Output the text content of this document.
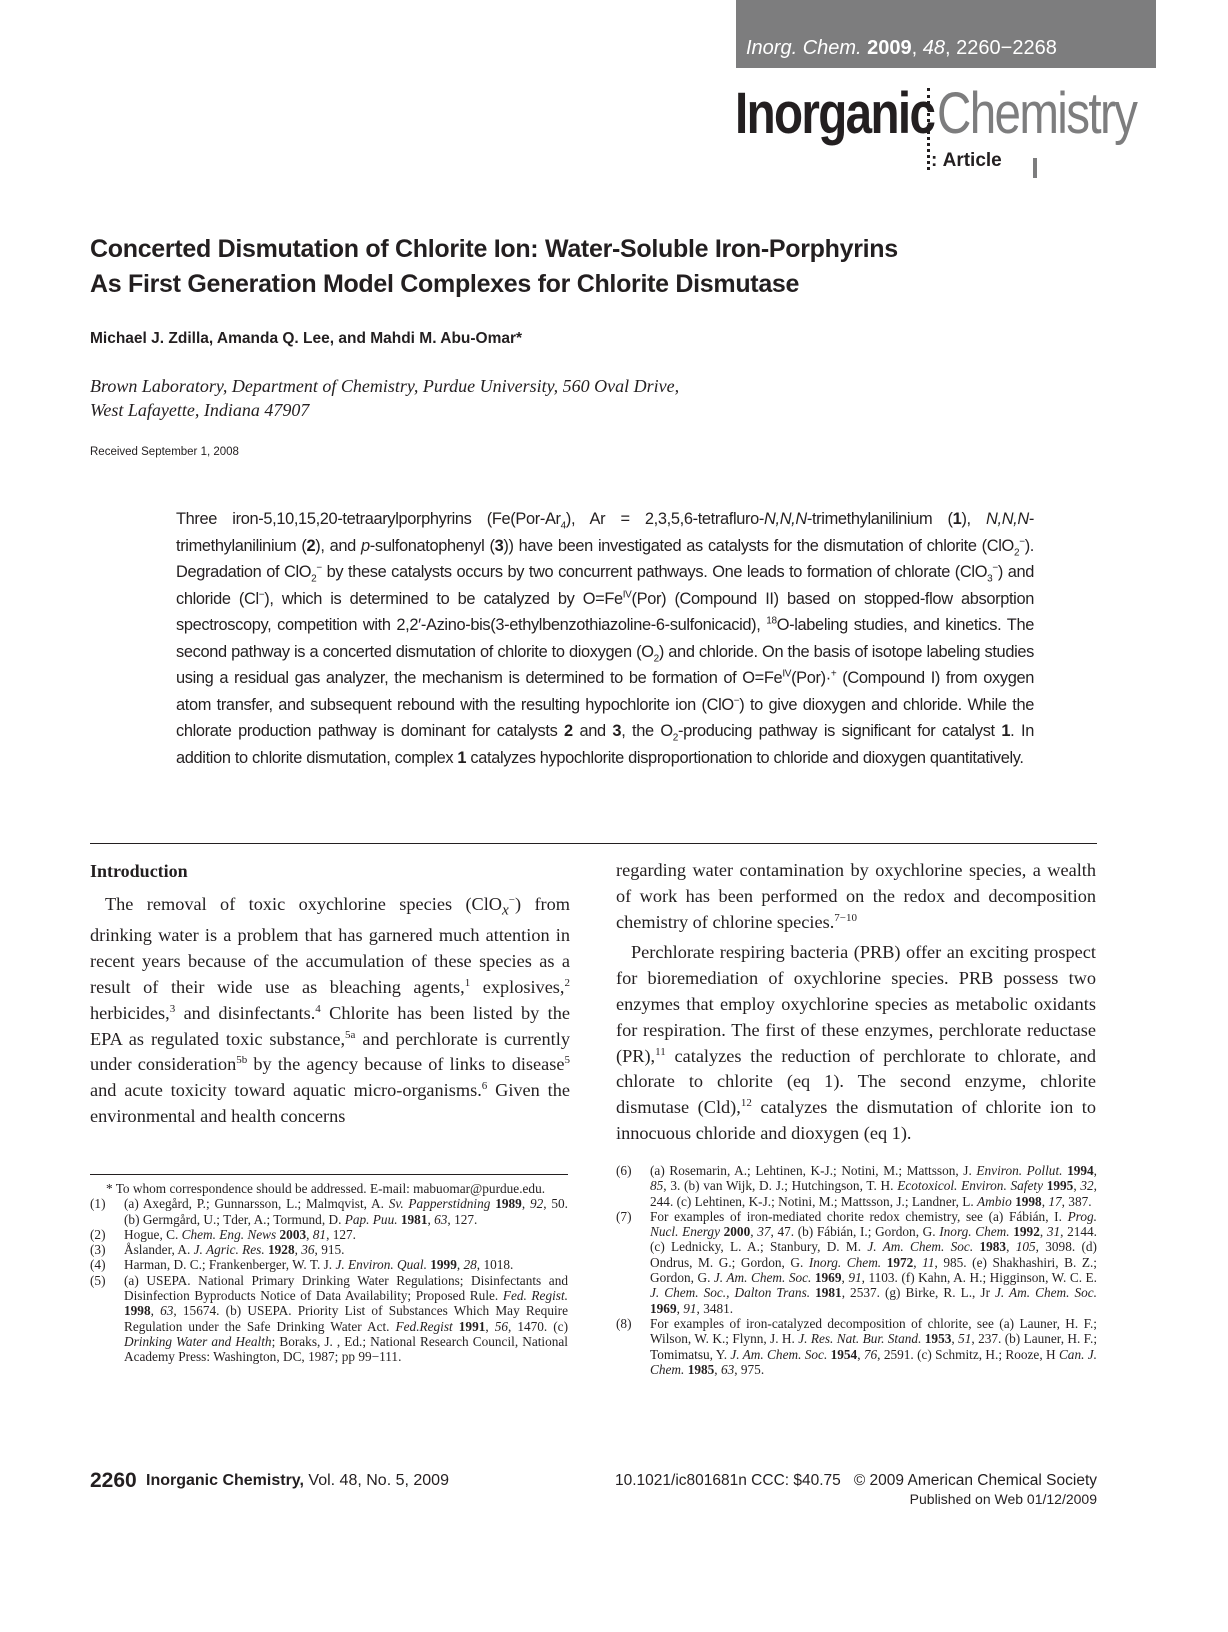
Inorg. Chem. 2009, 48, 2260−2268
Inorganic Chemistry
: Article
Concerted Dismutation of Chlorite Ion: Water-Soluble Iron-Porphyrins
As First Generation Model Complexes for Chlorite Dismutase
Michael J. Zdilla, Amanda Q. Lee, and Mahdi M. Abu-Omar*
Brown Laboratory, Department of Chemistry, Purdue University, 560 Oval Drive,
West Lafayette, Indiana 47907
Received September 1, 2008
Three iron-5,10,15,20-tetraarylporphyrins ($Fe(Por-Ar_4)$, Ar = 2,3,5,6-tetrafluro-N,N,N-trimethylanilinium (1), N,N,N-trimethylanilinium (2), and p-sulfonatophenyl (3)) have been investigated as catalysts for the dismutation of chlorite (ClO$_2$−). Degradation of ClO$_2$− by these catalysts occurs by two concurrent pathways. One leads to formation of chlorate (ClO$_3$−) and chloride (Cl−), which is determined to be catalyzed by $O=Fe^{IV}(Por)$ (Compound II) based on stopped-flow absorption spectroscopy, competition with 2,2′-Azino-bis(3-ethylbenzothiazoline-6-sulfonicacid), $^{18}$O-labeling studies, and kinetics. The second pathway is a concerted dismutation of chlorite to dioxygen $(O_2)$ and chloride. On the basis of isotope labeling studies using a residual gas analyzer, the mechanism is determined to be formation of $O=Fe^{IV}(Por)\cdot^+$ (Compound I) from oxygen atom transfer, and subsequent rebound with the resulting hypochlorite ion (ClO−) to give dioxygen and chloride. While the chlorate production pathway is dominant for catalysts 2 and 3, the $O_2$-producing pathway is significant for catalyst 1. In addition to chlorite dismutation, complex 1 catalyzes hypochlorite disproportionation to chloride and dioxygen quantitatively.
Introduction

The removal of toxic oxychlorine species (ClO$_x$−) from drinking water is a problem that has garnered much attention in recent years because of the accumulation of these species as a result of their wide use as bleaching agents,$^1$ explosives,$^2$ herbicides,$^3$ and disinfectants.$^4$ Chlorite has been listed by the EPA as regulated toxic substance,$^{5a}$ and perchlorate is currently under consideration$^{5b}$ by the agency because of links to disease$^5$ and acute toxicity toward aquatic micro-organisms.$^6$ Given the environmental and health concerns

regarding water contamination by oxychlorine species, a wealth of work has been performed on the redox and decomposition chemistry of chlorine species.$^{7-10}$

Perchlorate respiring bacteria (PRB) offer an exciting prospect for bioremediation of oxychlorine species. PRB possess two enzymes that employ oxychlorine species as metabolic oxidants for respiration. The first of these enzymes, perchlorate reductase (PR),$^{11}$ catalyzes the reduction of perchlorate to chlorate, and chlorate to chlorite (eq 1). The second enzyme, chlorite dismutase (Cld),$^{12}$ catalyzes the dismutation of chlorite ion to innocuous chloride and dioxygen (eq 1).

* To whom correspondence should be addressed. E-mail: mabuomar@purdue.edu.
(1)	(a) Axegård, P.; Gunnarsson, L.; Malmqvist, A. Sv. Papperstidning 1989, 92, 50. (b) Germgård, U.; Tder, A.; Tormund, D. Pap. Puu. 1981, 63, 127.
(2)	Hogue, C. Chem. Eng. News 2003, 81, 127.
(3)	Åslander, A. J. Agric. Res. 1928, 36, 915.
(4)	Harman, D. C.; Frankenberger, W. T. J. J. Environ. Qual. 1999, 28, 1018.
(5)	(a) USEPA. National Primary Drinking Water Regulations; Disinfectants and Disinfection Byproducts Notice of Data Availability; Proposed Rule. Fed. Regist. 1998, 63, 15674. (b) USEPA. Priority List of Substances Which May Require Regulation under the Safe Drinking Water Act. Fed.Regist 1991, 56, 1470. (c) Drinking Water and Health; Boraks, J. , Ed.; National Research Council, National Academy Press: Washington, DC, 1987; pp 99−111.
(6)	(a) Rosemarin, A.; Lehtinen, K-J.; Notini, M.; Mattsson, J. Environ. Pollut. 1994, 85, 3. (b) van Wijk, D. J.; Hutchingson, T. H. Ecotoxicol. Environ. Safety 1995, 32, 244. (c) Lehtinen, K-J.; Notini, M.; Mattsson, J.; Landner, L. Ambio 1998, 17, 387.
(7)	For examples of iron-mediated chorite redox chemistry, see (a) Fábián, I. Prog. Nucl. Energy 2000, 37, 47. (b) Fábián, I.; Gordon, G. Inorg. Chem. 1992, 31, 2144. (c) Lednicky, L. A.; Stanbury, D. M. J. Am. Chem. Soc. 1983, 105, 3098. (d) Ondrus, M. G.; Gordon, G. Inorg. Chem. 1972, 11, 985. (e) Shakhashiri, B. Z.; Gordon, G. J. Am. Chem. Soc. 1969, 91, 1103. (f) Kahn, A. H.; Higginson, W. C. E. J. Chem. Soc., Dalton Trans. 1981, 2537. (g) Birke, R. L., Jr J. Am. Chem. Soc. 1969, 91, 3481.
(8)	For examples of iron-catalyzed decomposition of chlorite, see (a) Launer, H. F.; Wilson, W. K.; Flynn, J. H. J. Res. Nat. Bur. Stand. 1953, 51, 237. (b) Launer, H. F.; Tomimatsu, Y. J. Am. Chem. Soc. 1954, 76, 2591. (c) Schmitz, H.; Rooze, H Can. J. Chem. 1985, 63, 975.
2260 Inorganic Chemistry, Vol. 48, No. 5, 2009	10.1021/ic801681n CCC: $40.75 © 2009 American Chemical Society
Published on Web 01/12/2009
